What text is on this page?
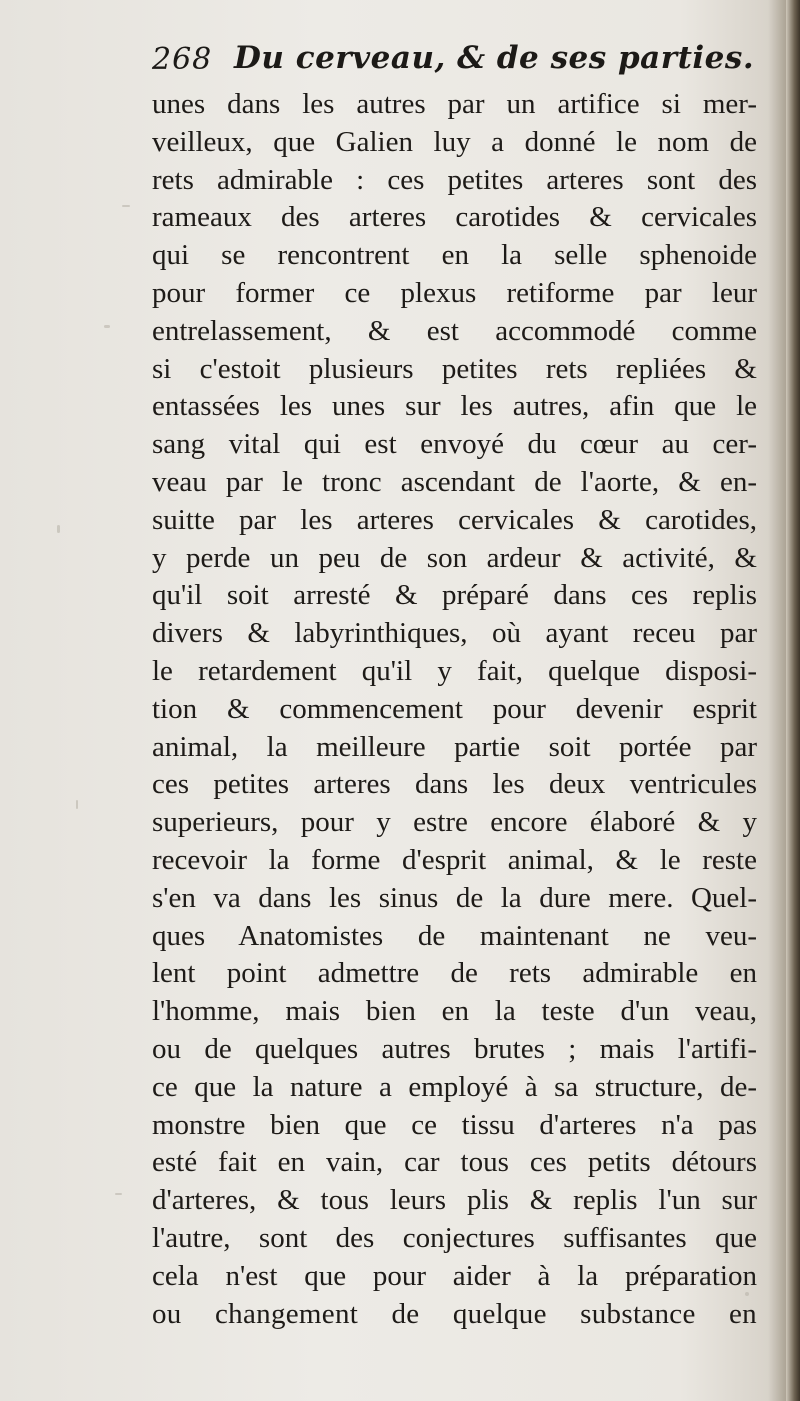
268 Du cerveau, & de ses parties.
unes dans les autres par un artifice si mer-
veilleux, que Galien luy a donné le nom de
rets admirable : ces petites arteres sont des
rameaux des arteres carotides & cervicales
qui se rencontrent en la selle sphenoide
pour former ce plexus retiforme par leur
entrelassement, & est accommodé comme
si c'estoit plusieurs petites rets repliées &
entassées les unes sur les autres, afin que le
sang vital qui est envoyé du cœur au cer-
veau par le tronc ascendant de l'aorte, & en-
suitte par les arteres cervicales & carotides,
y perde un peu de son ardeur & activité, &
qu'il soit arresté & préparé dans ces replis
divers & labyrinthiques, où ayant receu par
le retardement qu'il y fait, quelque disposi-
tion & commencement pour devenir esprit
animal, la meilleure partie soit portée par
ces petites arteres dans les deux ventricules
superieurs, pour y estre encore élaboré & y
recevoir la forme d'esprit animal, & le reste
s'en va dans les sinus de la dure mere. Quel-
ques Anatomistes de maintenant ne veu-
lent point admettre de rets admirable en
l'homme, mais bien en la teste d'un veau,
ou de quelques autres brutes ; mais l'artifi-
ce que la nature a employé à sa structure, de-
monstre bien que ce tissu d'arteres n'a pas
esté fait en vain, car tous ces petits détours
d'arteres, & tous leurs plis & replis l'un sur
l'autre, sont des conjectures suffisantes que
cela n'est que pour aider à la préparation
ou changement de quelque substance en
